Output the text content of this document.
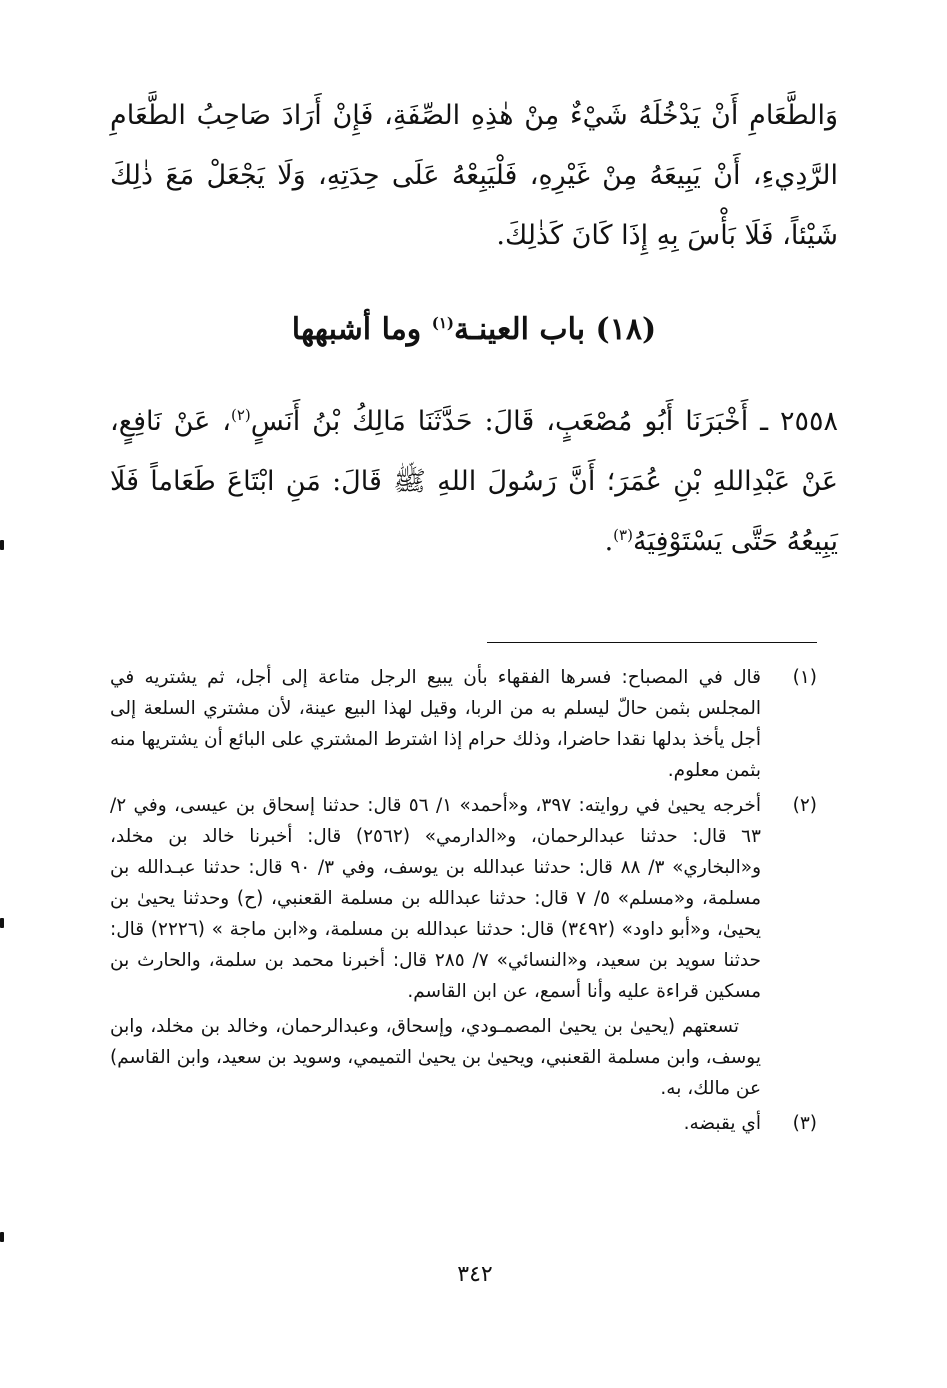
وَالطَّعَامِ أَنْ يَدْخُلَهُ شَيْءٌ مِنْ هٰذِهِ الصِّفَةِ، فَإِنْ أَرَادَ صَاحِبُ الطَّعَامِ الرَّدِيءِ، أَنْ يَبِيعَهُ مِنْ غَيْرِهِ، فَلْيَبِعْهُ عَلَى حِدَتِهِ، وَلَا يَجْعَلْ مَعَ ذٰلِكَ شَيْئاً، فَلَا بَأْسَ بِهِ إِذَا كَانَ كَذٰلِكَ.

(١٨) باب العينـة$^{(١)}$ وما أشبهها

٢٥٥٨ ـ أَخْبَرَنَا أَبُو مُصْعَبٍ، قَالَ: حَدَّثَنَا مَالِكُ بْنُ أَنَسٍ$^{(٢)}$، عَنْ نَافِعٍ، عَنْ عَبْدِاللهِ بْنِ عُمَرَ؛ أَنَّ رَسُولَ اللهِ ﷺ قَالَ: مَنِ ابْتَاعَ طَعَاماً فَلَا يَبِيعُهُ حَتَّى يَسْتَوْفِيَهُ$^{(٣)}$.

(١)

قال في المصباح: فسرها الفقهاء بأن يبيع الرجل متاعة إلى أجل، ثم يشتريه في المجلس بثمن حالّ ليسلم به من الربا، وقيل لهذا البيع عينة، لأن مشتري السلعة إلى أجل يأخذ بدلها نقدا حاضرا، وذلك حرام إذا اشترط المشتري على البائع أن يشتريها منه بثمن معلوم.

(٢)

أخرجه يحيىٰ في روايته: ٣٩٧، و«أحمد» ١/ ٥٦ قال: حدثنا إسحاق بن عيسى، وفي ٢/ ٦٣ قال: حدثنا عبدالرحمان، و«الدارمي» (٢٥٦٢) قال: أخبرنا خالد بن مخلد، و«البخاري» ٣/ ٨٨ قال: حدثنا عبدالله بن يوسف، وفي ٣/ ٩٠ قال: حدثنا عبـدالله بن مسلمة، و«مسلم» ٥/ ٧ قال: حدثنا عبدالله بن مسلمة القعنبي، (ح) وحدثنا يحيىٰ بن يحيىٰ، و«أبو داود» (٣٤٩٢) قال: حدثنا عبدالله بن مسلمة، و«ابن ماجة » (٢٢٢٦) قال: حدثنا سويد بن سعيد، و«النسائي» ٧/ ٢٨٥ قال: أخبرنا محمد بن سلمة، والحارث بن مسكين قراءة عليه وأنا أسمع، عن ابن القاسم.

تسعتهم (يحيىٰ بن يحيىٰ المصمـودي، وإسحاق، وعبدالرحمان، وخالد بن مخلد، وابن يوسف، وابن مسلمة القعنبي، ويحيىٰ بن يحيىٰ التميمي، وسويد بن سعيد، وابن القاسم) عن مالك، به.

(٣)

أي يقبضه.

٣٤٢
